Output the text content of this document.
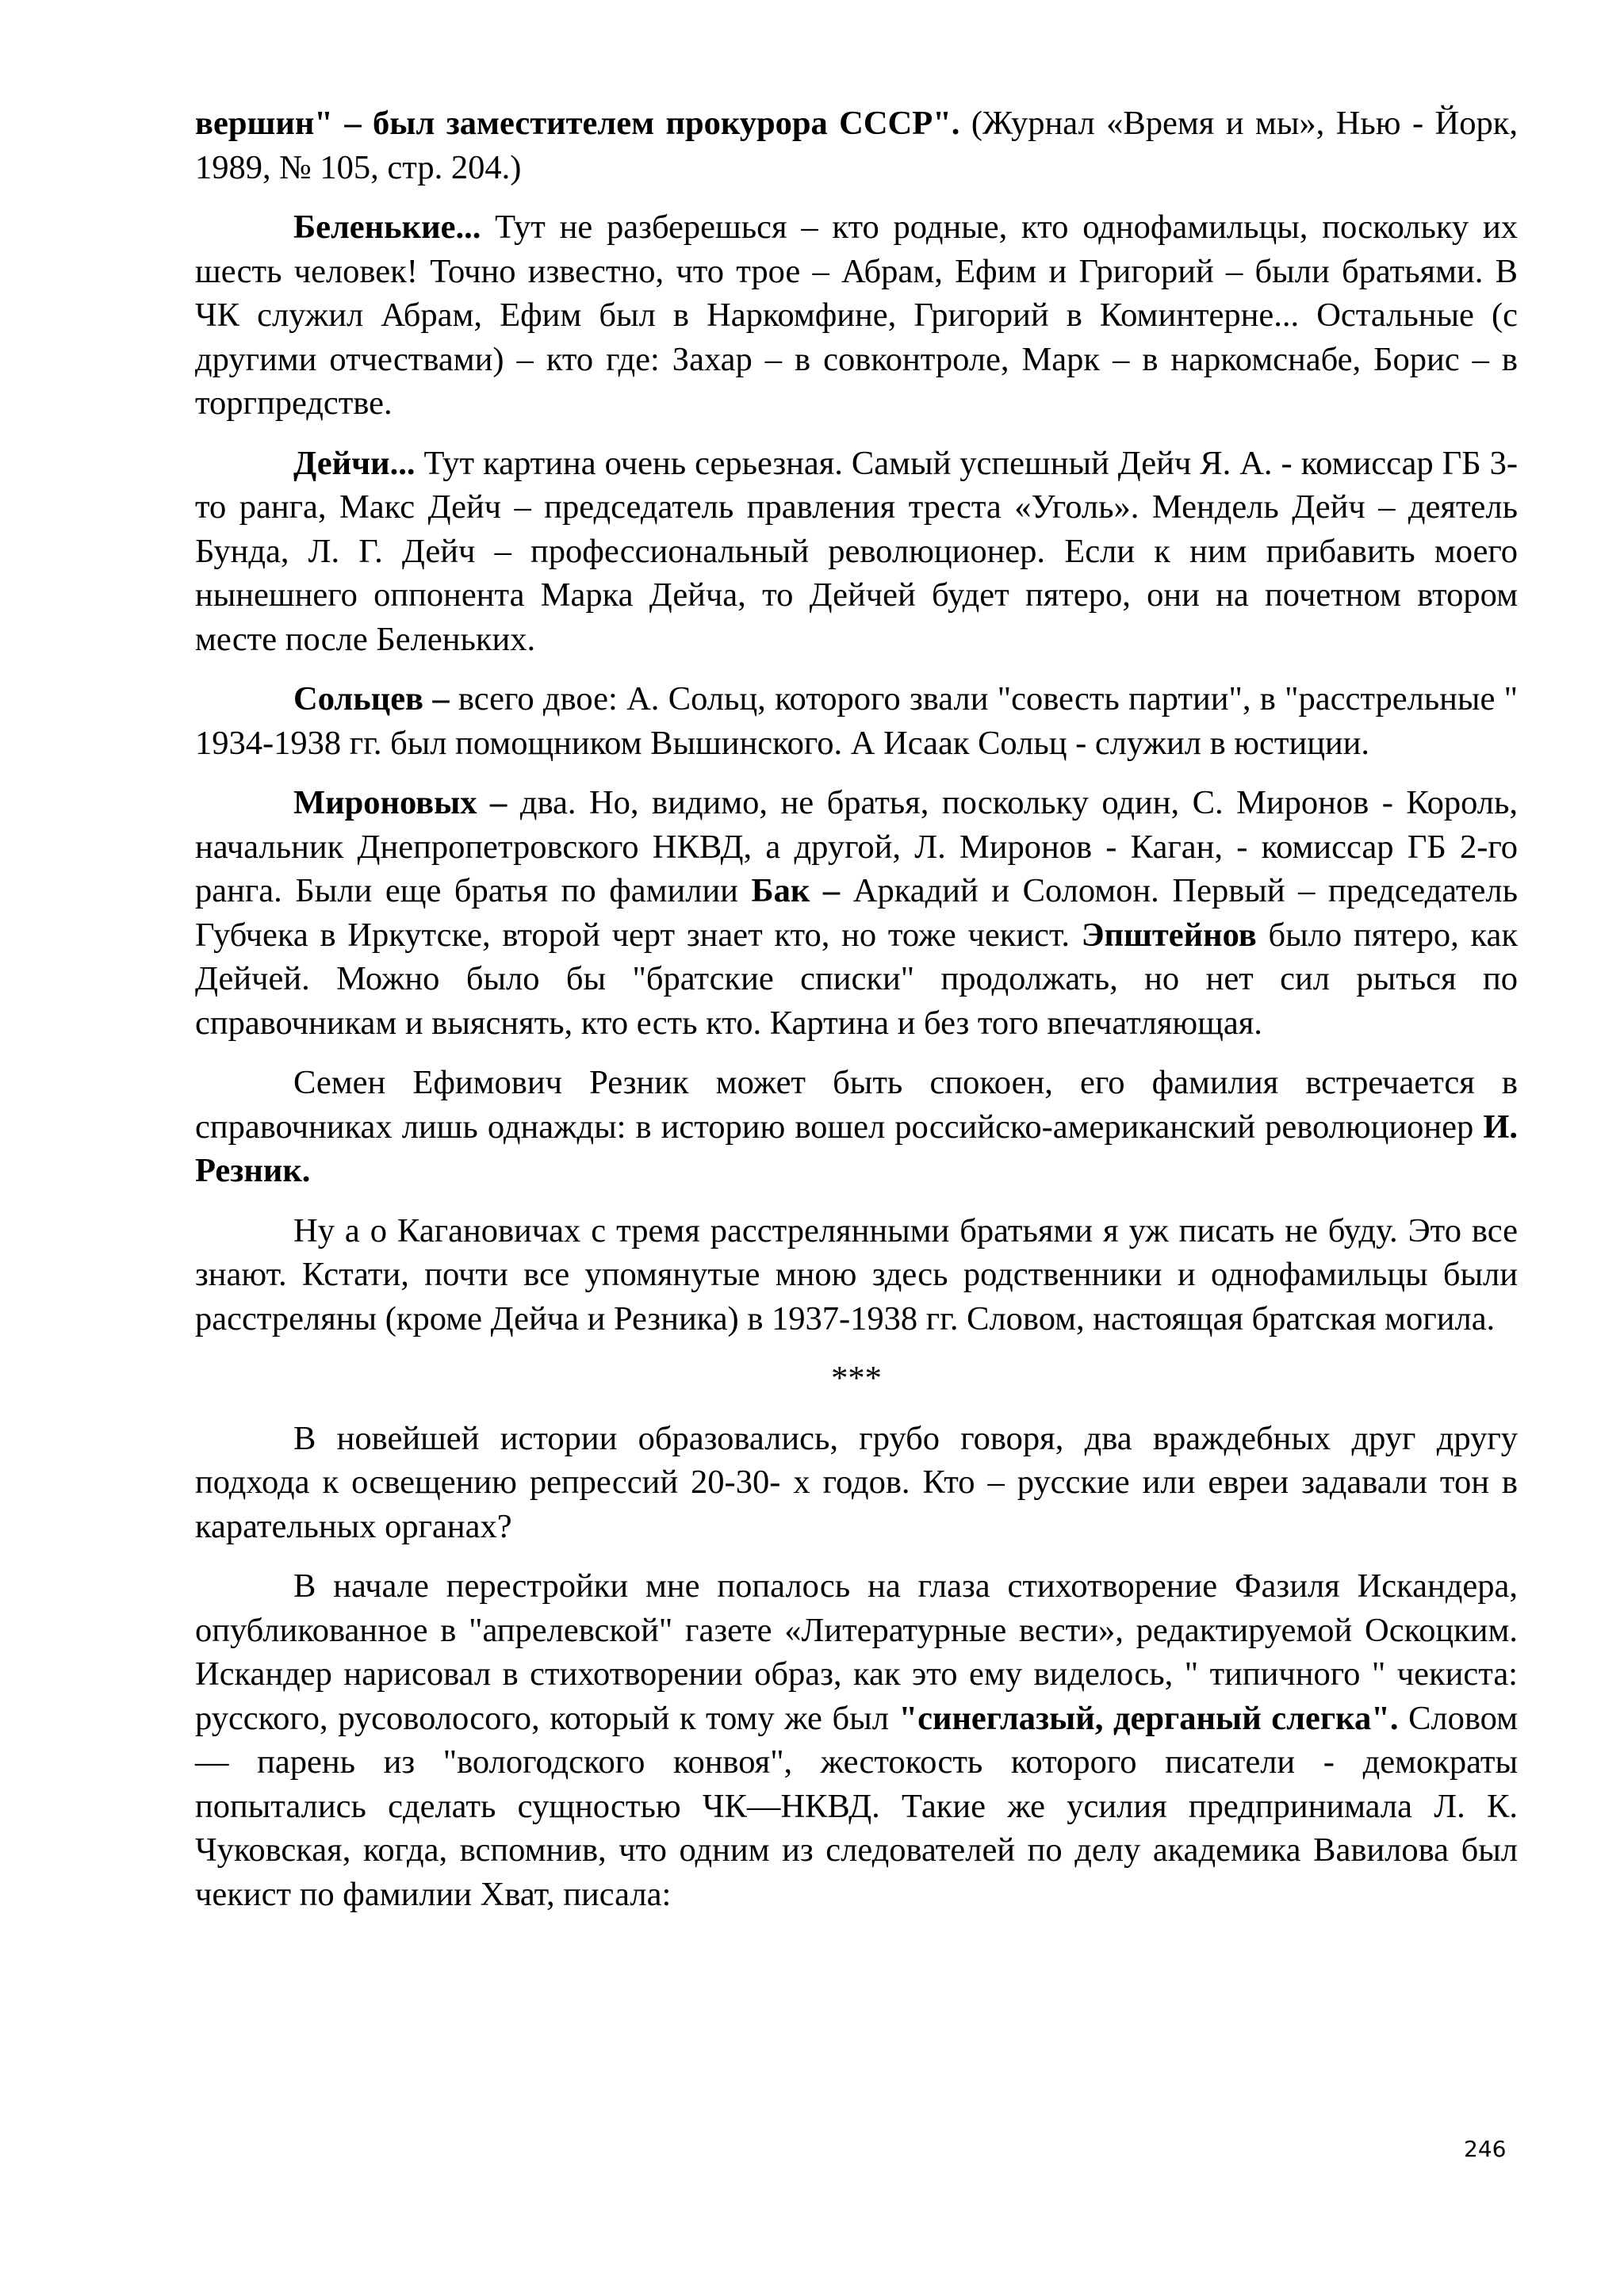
вершин" – был заместителем прокурора СССР". (Журнал «Время и мы», Нью - Йорк, 1989, № 105, стр. 204.)

Беленькие... Тут не разберешься – кто родные, кто однофамильцы, поскольку их шесть человек! Точно известно, что трое – Абрам, Ефим и Григорий – были братьями. В ЧК служил Абрам, Ефим был в Наркомфине, Григорий в Коминтерне... Остальные (с другими отчествами) – кто где: Захар – в совконтроле, Марк – в наркомснабе, Борис – в торгпредстве.

Дейчи... Тут картина очень серьезная. Самый успешный Дейч Я. А. - комиссар ГБ 3- то ранга, Макс Дейч – председатель правления треста «Уголь». Мендель Дейч – деятель Бунда, Л. Г. Дейч – профессиональный революционер. Если к ним прибавить моего нынешнего оппонента Марка Дейча, то Дейчей будет пятеро, они на почетном втором месте после Беленьких.

Сольцев – всего двое: А. Сольц, которого звали "совесть партии", в "расстрельные " 1934-1938 гг. был помощником Вышинского. А Исаак Сольц - служил в юстиции.

Мироновых – два. Но, видимо, не братья, поскольку один, С. Миронов - Король, начальник Днепропетровского НКВД, а другой, Л. Миронов - Каган, - комиссар ГБ 2-го ранга. Были еще братья по фамилии Бак – Аркадий и Соломон. Первый – председатель Губчека в Иркутске, второй черт знает кто, но тоже чекист. Эпштейнов было пятеро, как Дейчей. Можно было бы "братские списки" продолжать, но нет сил рыться по справочникам и выяснять, кто есть кто. Картина и без того впечатляющая.

Семен Ефимович Резник может быть спокоен, его фамилия встречается в справочниках лишь однажды: в историю вошел российско-американский революционер И. Резник.

Ну а о Кагановичах с тремя расстрелянными братьями я уж писать не буду. Это все знают. Кстати, почти все упомянутые мною здесь родственники и однофамильцы были расстреляны (кроме Дейча и Резника) в 1937-1938 гг. Словом, настоящая братская могила.

***

В новейшей истории образовались, грубо говоря, два враждебных друг другу подхода к освещению репрессий 20-30- х годов. Кто – русские или евреи задавали тон в карательных органах?

В начале перестройки мне попалось на глаза стихотворение Фазиля Искандера, опубликованное в "апрелевской" газете «Литературные вести», редактируемой Оскоцким. Искандер нарисовал в стихотворении образ, как это ему виделось, " типичного " чекиста: русского, русоволосого, который к тому же был "синеглазый, дерганый слегка". Словом — парень из "вологодского конвоя", жестокость которого писатели - демократы попытались сделать сущностью ЧК—НКВД. Такие же усилия предпринимала Л. К. Чуковская, когда, вспомнив, что одним из следователей по делу академика Вавилова был чекист по фамилии Хват, писала:

246
